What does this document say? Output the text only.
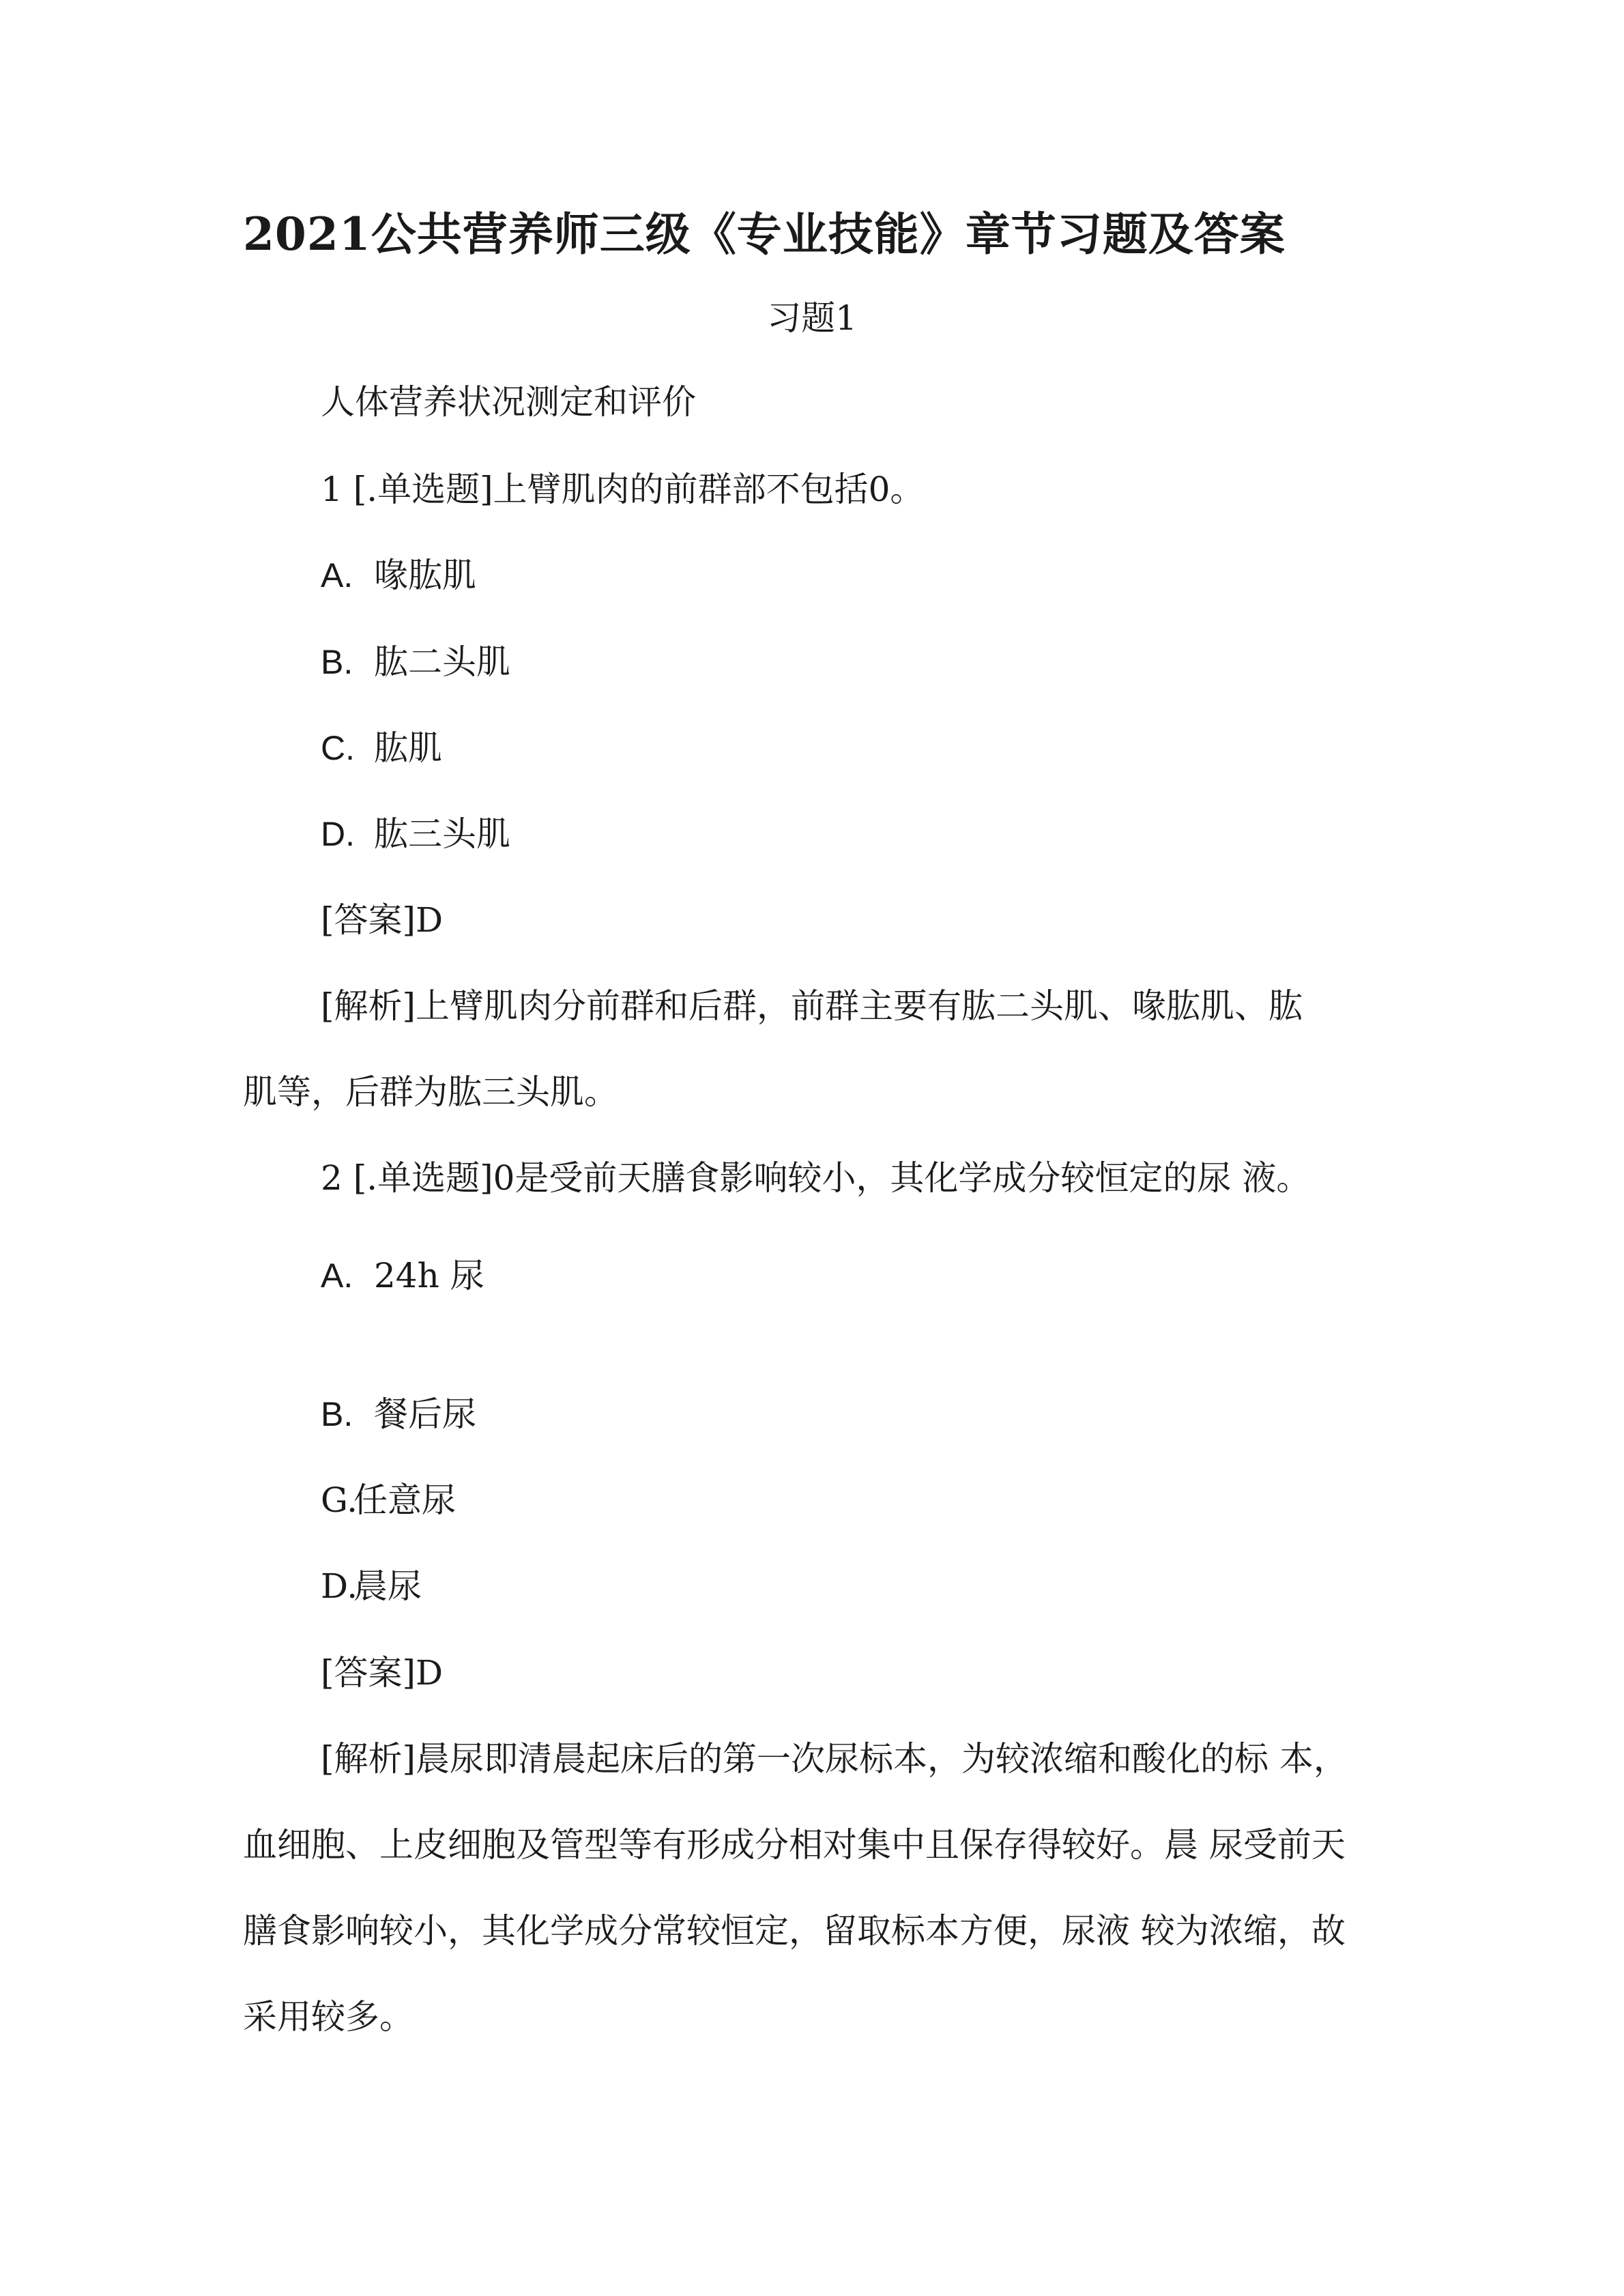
2021公共营养师三级《专业技能》章节习题及答案
习题1
人体营养状况测定和评价
1 [.单选题]上臂肌肉的前群部不包括0。
A. 喙肱肌
B. 肱二头肌
C. 肱肌
D. 肱三头肌
[答案]D
[解析]上臂肌肉分前群和后群，前群主要有肱二头肌、喙肱肌、肱
肌等，后群为肱三头肌。
2 [.单选题]0是受前天膳食影响较小，其化学成分较恒定的尿 液。
A. 24h 尿
B. 餐后尿
G.任意尿
D.晨尿
[答案]D
[解析]晨尿即清晨起床后的第一次尿标本，为较浓缩和酸化的标 本，
血细胞、上皮细胞及管型等有形成分相对集中且保存得较好。晨 尿受前天
膳食影响较小，其化学成分常较恒定，留取标本方便，尿液 较为浓缩，故
采用较多。
